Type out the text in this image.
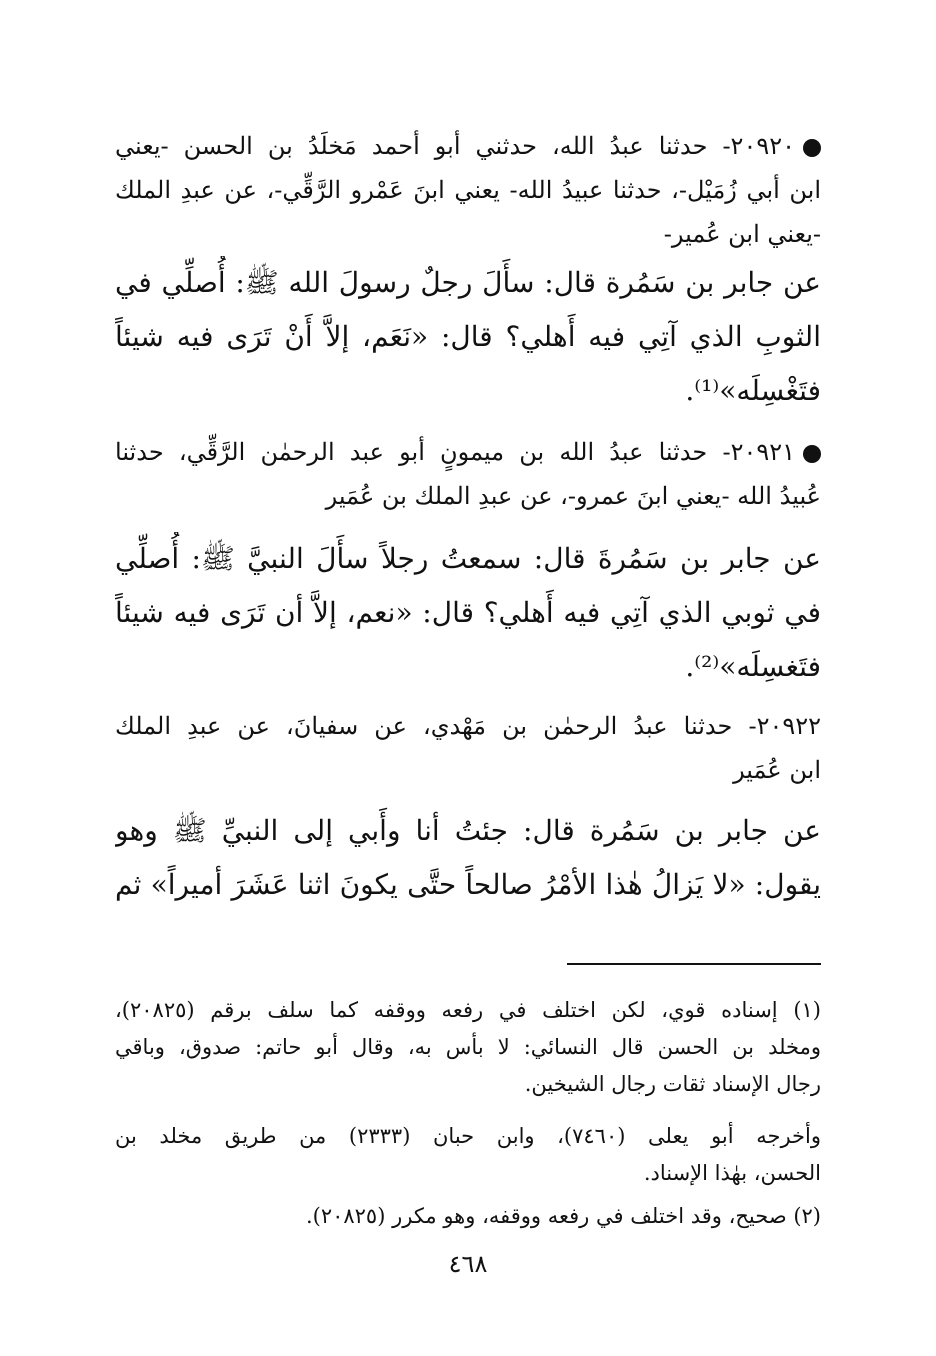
٢٠٩٢٠- حدثنا عبدُ الله، حدثني أبو أحمد مَخلَدُ بن الحسن -يعني
ابن أبي زُمَيْل-، حدثنا عبيدُ الله- يعني ابنَ عَمْرو الرَّقِّي-، عن عبدِ الملك
-يعني ابن عُمير-
عن جابر بن سَمُرة قال: سأَلَ رجلٌ رسولَ الله ﷺ: أُصلِّي في
الثوبِ الذي آتِي فيه أَهلي؟ قال: «نَعَم، إلاَّ أَنْ تَرَى فيه شيئاً
فتَغْسِلَه»⁽¹⁾.
٢٠٩٢١- حدثنا عبدُ الله بن ميمونٍ أبو عبد الرحمٰن الرَّقِّي، حدثنا
عُبيدُ الله -يعني ابنَ عمرو-، عن عبدِ الملك بن عُمَير
عن جابر بن سَمُرةَ قال: سمعتُ رجلاً سأَلَ النبيَّ ﷺ: أُصلِّي
في ثوبي الذي آتِي فيه أَهلي؟ قال: «نعم، إلاَّ أن تَرَى فيه شيئاً
فتَغسِلَه»⁽²⁾.
٢٠٩٢٢- حدثنا عبدُ الرحمٰن بن مَهْدي، عن سفيانَ، عن عبدِ الملك
ابن عُمَير
عن جابر بن سَمُرة قال: جئتُ أنا وأَبي إلى النبيِّ ﷺ وهو
يقول: «لا يَزالُ هٰذا الأمْرُ صالحاً حتَّى يكونَ اثنا عَشَرَ أميراً» ثم
(١) إسناده قوي، لكن اختلف في رفعه ووقفه كما سلف برقم (٢٠٨٢٥)،
ومخلد بن الحسن قال النسائي: لا بأس به، وقال أبو حاتم: صدوق، وباقي
رجال الإسناد ثقات رجال الشيخين.
وأخرجه أبو يعلى (٧٤٦٠)، وابن حبان (٢٣٣٣) من طريق مخلد بن
الحسن، بهٰذا الإسناد.
(٢) صحيح، وقد اختلف في رفعه ووقفه، وهو مكرر (٢٠٨٢٥).
٤٦٨
